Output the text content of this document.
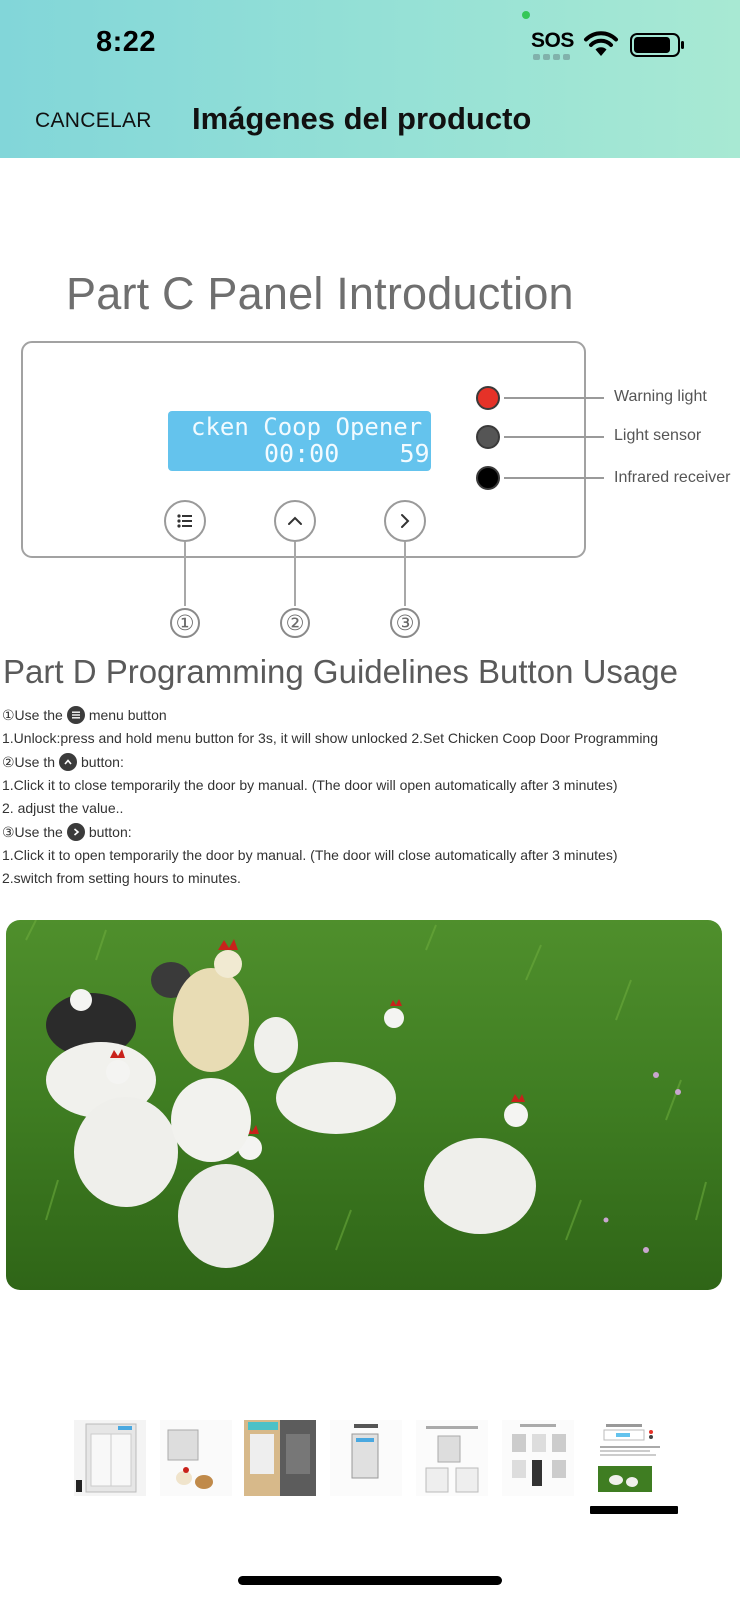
8:22	SOS
CANCELAR Imágenes del producto
Part C Panel Introduction
cken Coop Opener
00:00    59
①	②	③
Warning light
Light sensor
Infrared receiver
Part D Programming Guidelines Button Usage
①Use the menu button
1.Unlock:press and hold menu button for 3s, it will show unlocked 2.Set Chicken Coop Door Programming
②Use th button:
1.Click it to close temporarily the door by manual. (The door will open automatically after 3 minutes)
2. adjust the value..
③Use the button:
1.Click it to open temporarily the door by manual. (The door will close automatically after 3 minutes)
2.switch from setting hours to minutes.
